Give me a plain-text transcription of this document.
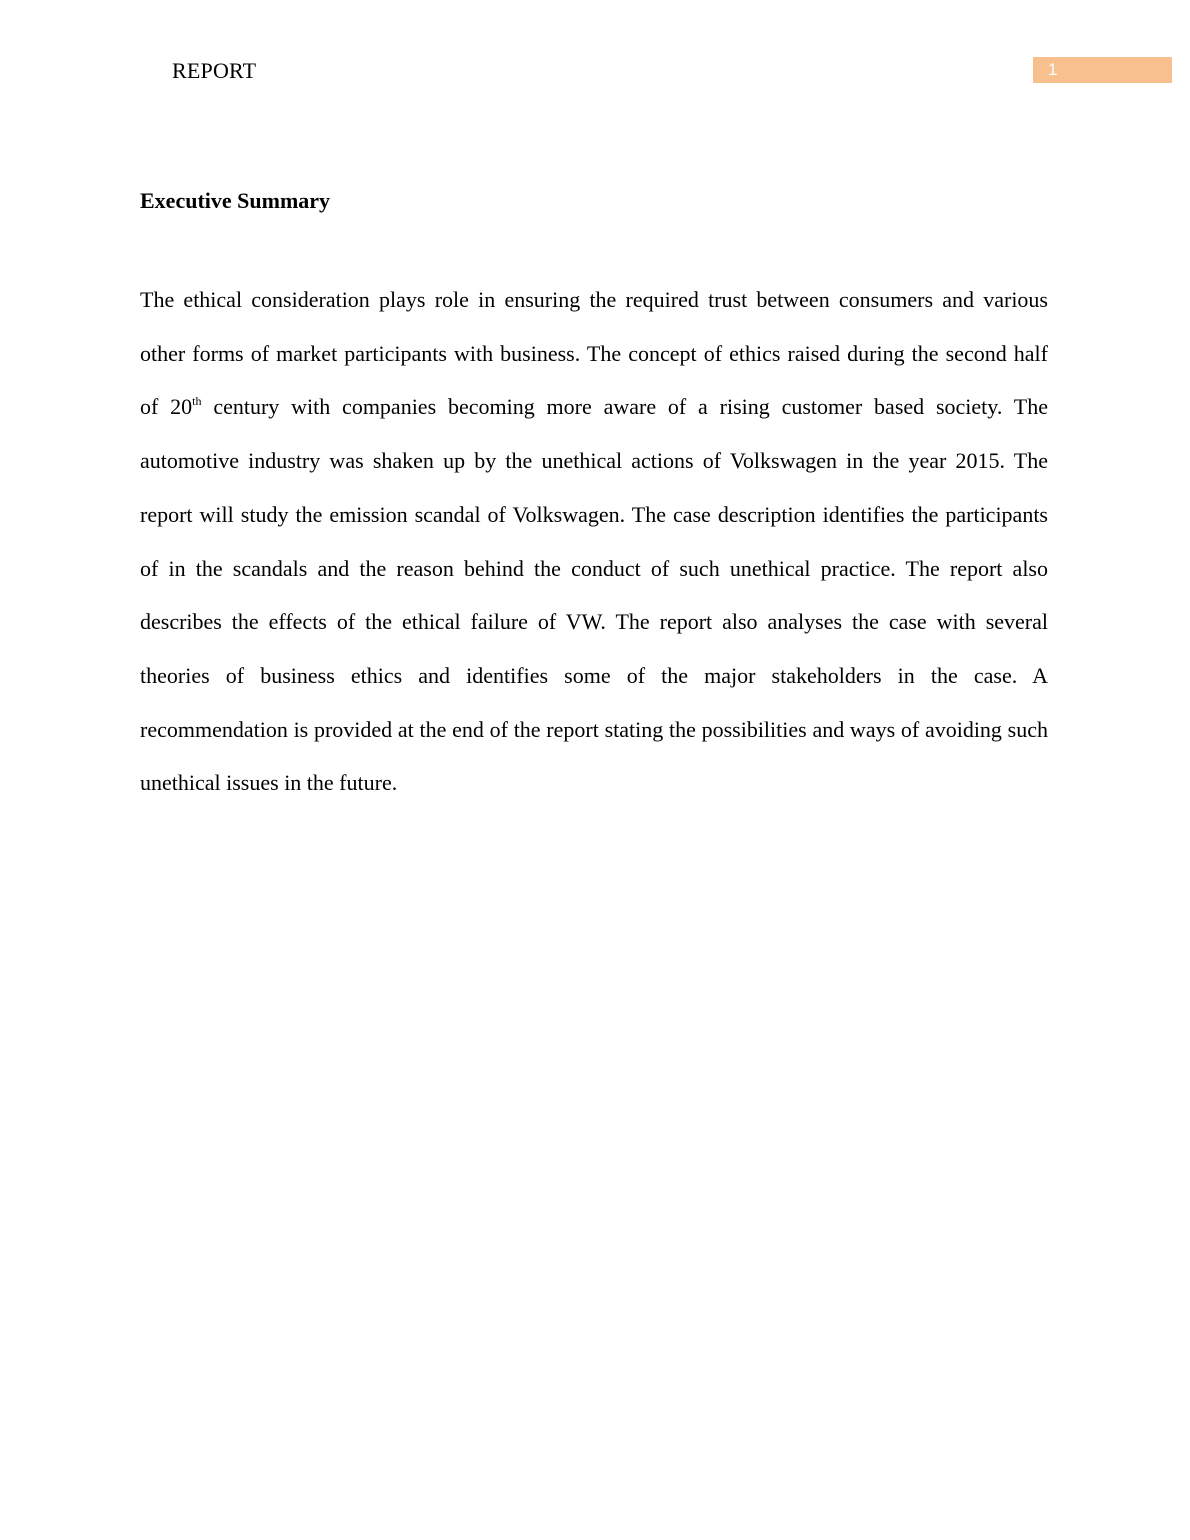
REPORT	1
Executive Summary

The ethical consideration plays role in ensuring the required trust between consumers and various other forms of market participants with business. The concept of ethics raised during the second half of 20th century with companies becoming more aware of a rising customer based society. The automotive industry was shaken up by the unethical actions of Volkswagen in the year 2015. The report will study the emission scandal of Volkswagen. The case description identifies the participants of in the scandals and the reason behind the conduct of such unethical practice. The report also describes the effects of the ethical failure of VW. The report also analyses the case with several theories of business ethics and identifies some of the major stakeholders in the case. A recommendation is provided at the end of the report stating the possibilities and ways of avoiding such unethical issues in the future.
